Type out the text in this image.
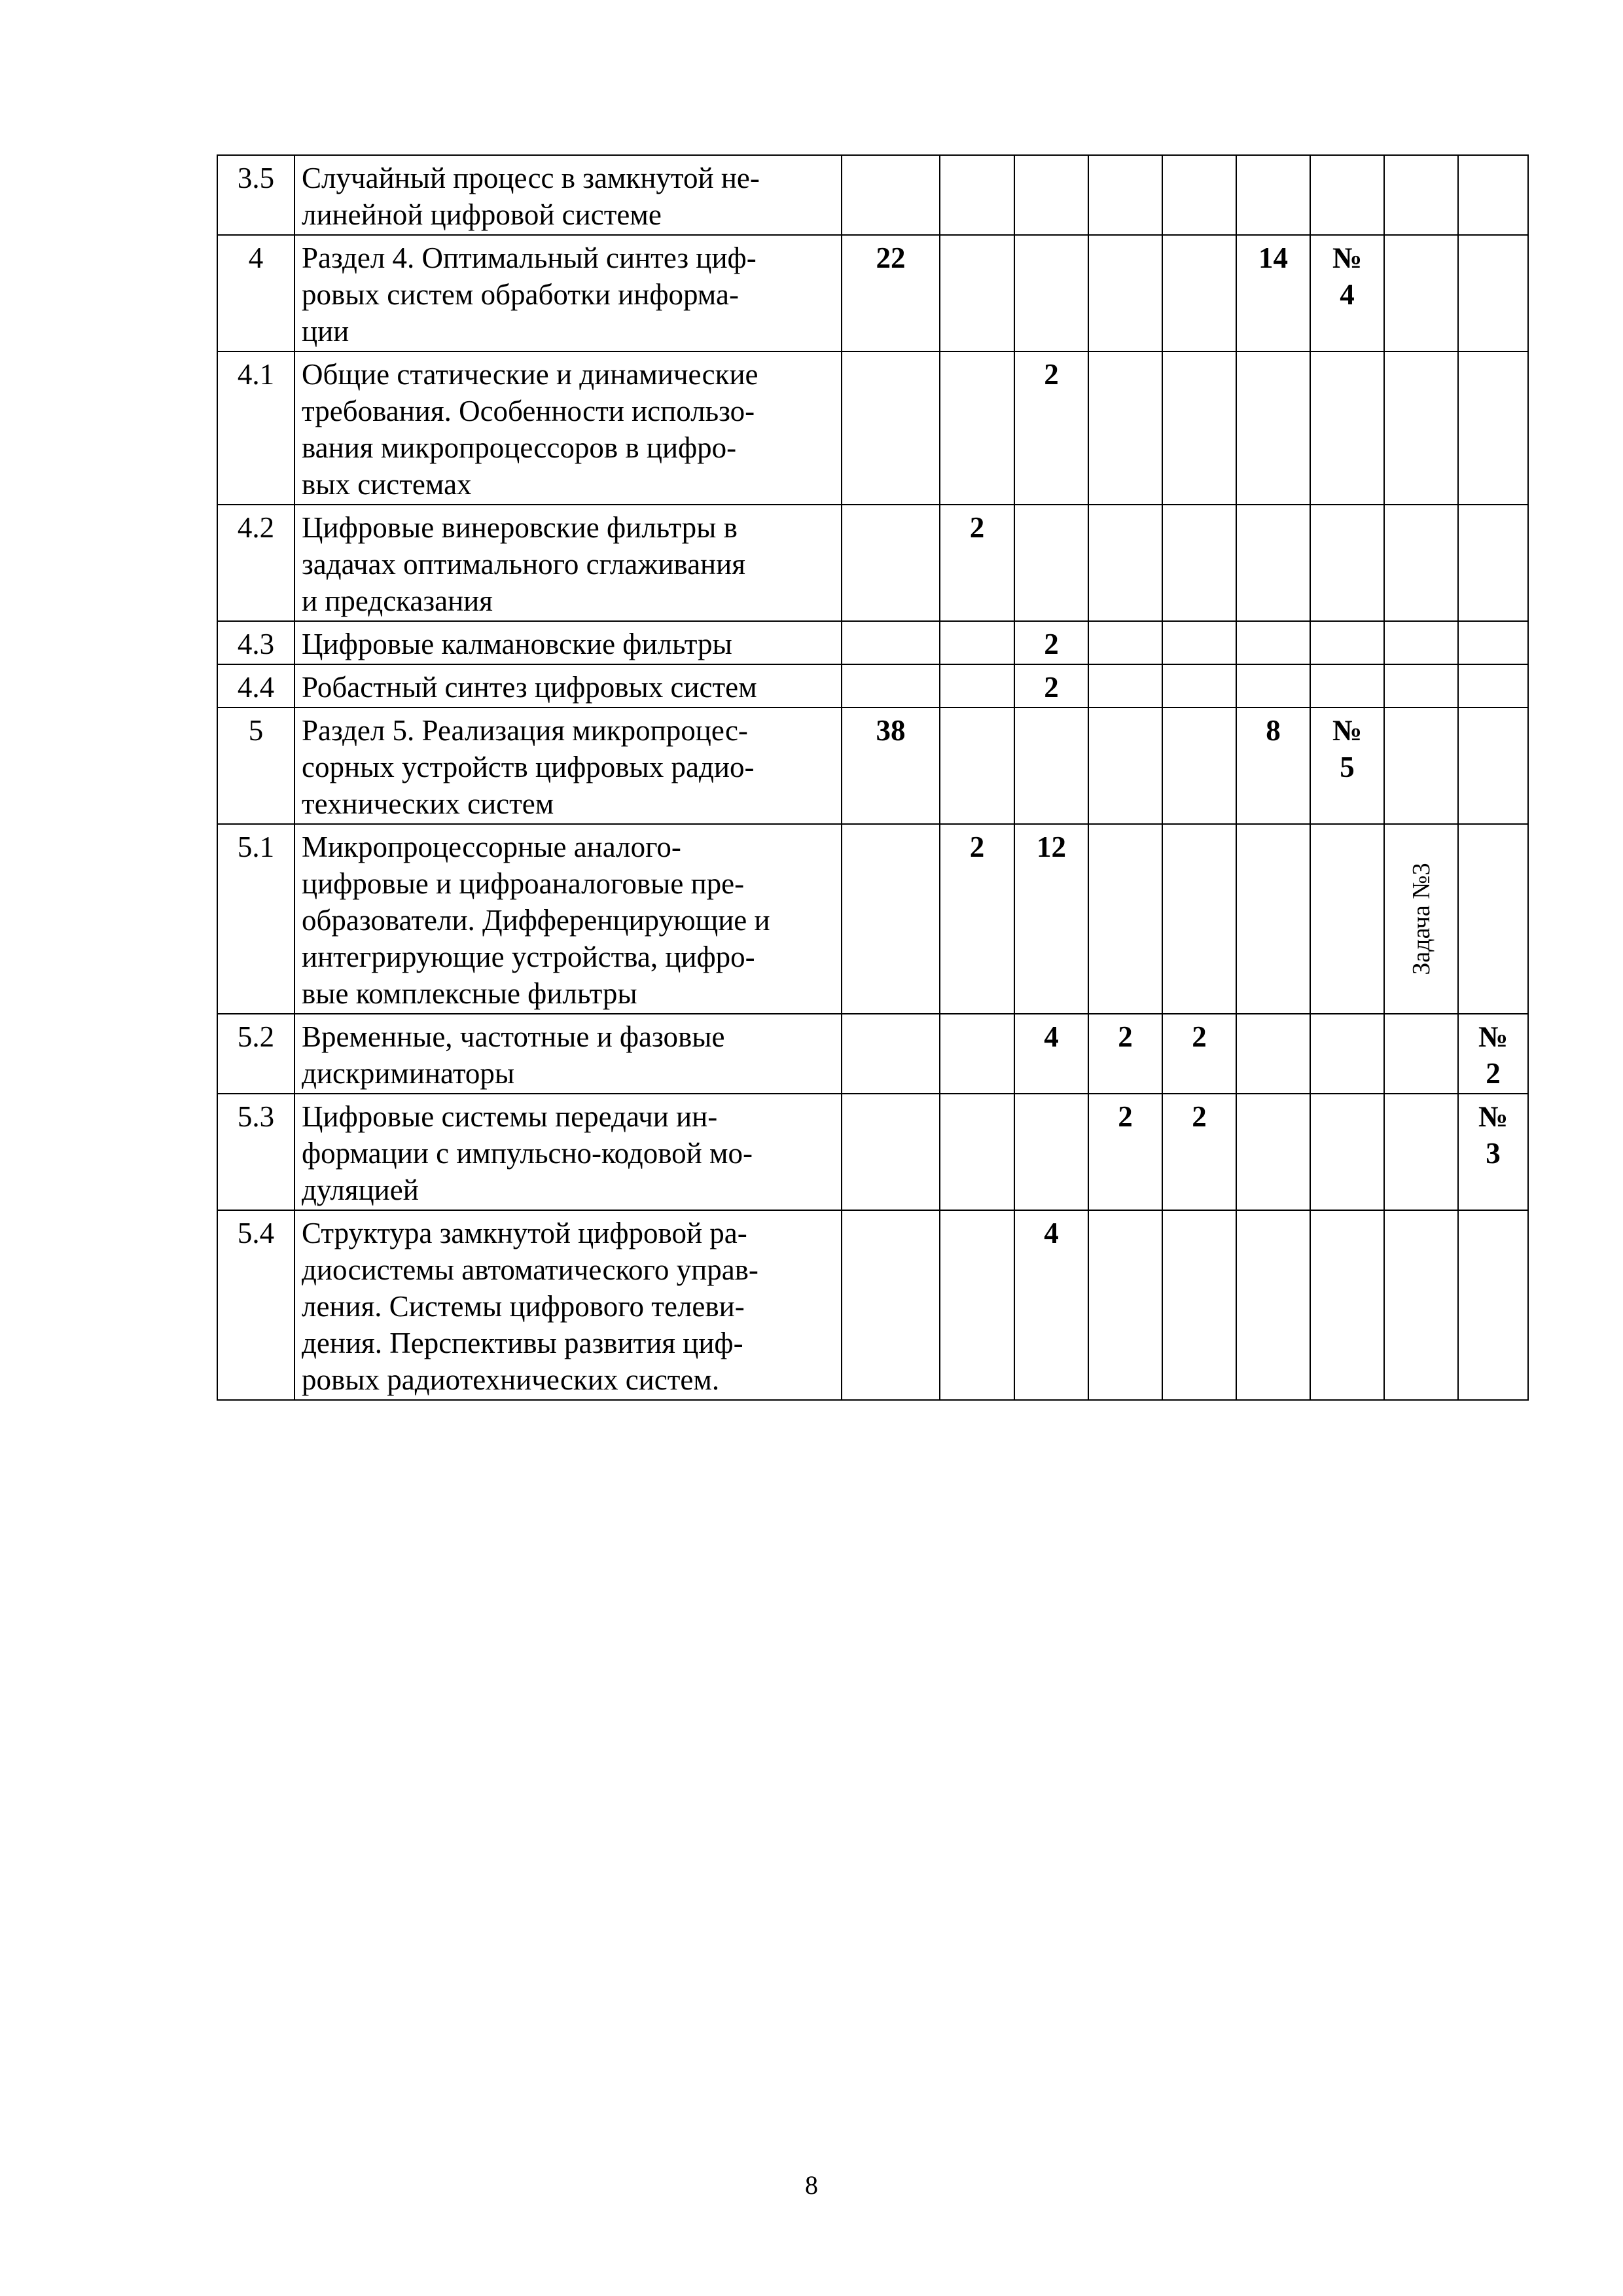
3.5	Случайный процесс в замкнутой не-
линейной цифровой системе									
4	Раздел 4. Оптимальный синтез циф-
ровых систем обработки информа-
ции	22					14	№
4		
4.1	Общие статические и динамические
требования. Особенности использо-
вания микропроцессоров в цифро-
вых системах			2						
4.2	Цифровые винеровские фильтры в
задачах оптимального сглаживания
и предсказания		2							
4.3	Цифровые калмановские фильтры			2						
4.4	Робастный синтез цифровых систем			2						
5	Раздел 5. Реализация микропроцес-
сорных устройств цифровых радио-
технических систем	38					8	№
5		
5.1	Микропроцессорные аналого-
цифровые и цифроаналоговые пре-
образователи. Дифференцирующие и
интегрирующие устройства, цифро-
вые комплексные фильтры		2	12					Задача №3	

5.2	Временные, частотные и фазовые
дискриминаторы			4	2	2				№
2
5.3	Цифровые системы передачи ин-
формации с импульсно-кодовой мо-
дуляцией				2	2				№
3
5.4	Структура замкнутой цифровой ра-
диосистемы автоматического управ-
ления. Системы цифрового телеви-
дения. Перспективы развития циф-
ровых радиотехнических систем.			4						
8
